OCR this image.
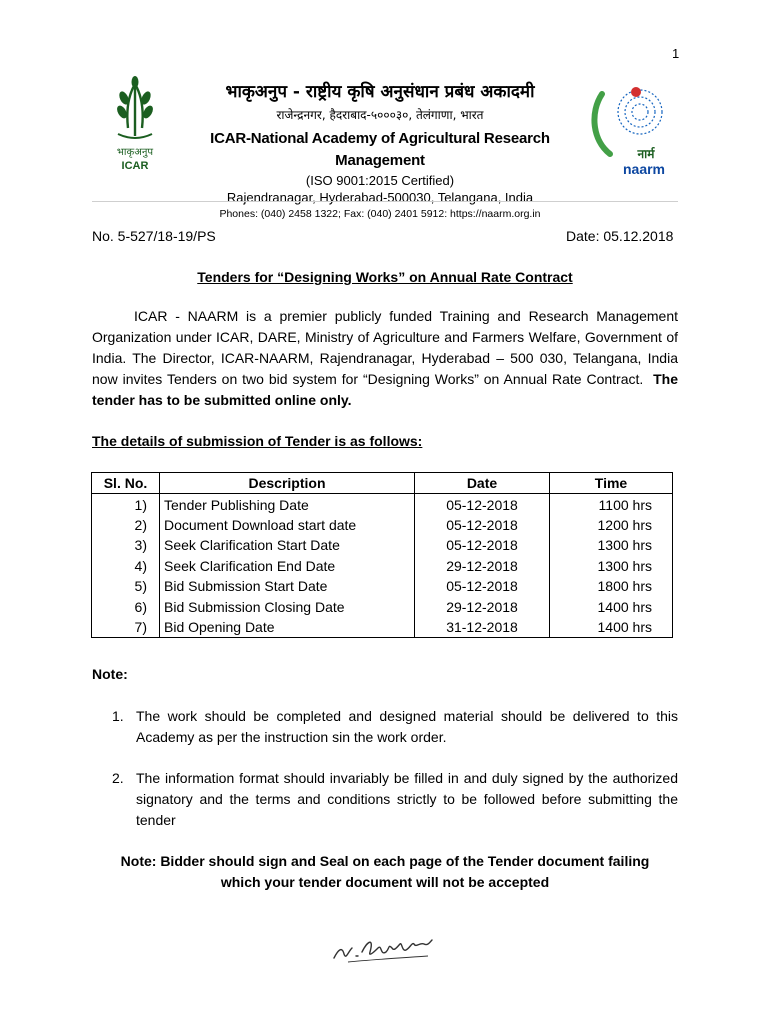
1
भाकृअनुप
ICAR
भाकृअनुप - राष्ट्रीय कृषि अनुसंधान प्रबंध अकादमी
राजेन्द्रनगर, हैदराबाद-५०००३०, तेलंगाणा, भारत
ICAR-National Academy of Agricultural Research Management
(ISO 9001:2015 Certified)
Rajendranagar, Hyderabad-500030, Telangana, India
Phones: (040) 2458 1322; Fax: (040) 2401 5912: https://naarm.org.in
नार्म
naarm
No. 5-527/18-19/PS	Date: 05.12.2018
Tenders for “Designing Works” on Annual Rate Contract
ICAR - NAARM is a premier publicly funded Training and Research Management Organization under ICAR, DARE, Ministry of Agriculture and Farmers Welfare, Government of India. The Director, ICAR-NAARM, Rajendranagar, Hyderabad – 500 030, Telangana, India now invites Tenders on two bid system for “Designing Works” on Annual Rate Contract. The tender has to be submitted online only.
The details of submission of Tender is as follows:
Sl. No.	Description	Date	Time
1)	Tender Publishing Date	05-12-2018	1100 hrs
2)	Document Download start date	05-12-2018	1200 hrs
3)	Seek Clarification Start Date	05-12-2018	1300 hrs
4)	Seek Clarification End Date	29-12-2018	1300 hrs
5)	Bid Submission Start Date	05-12-2018	1800 hrs
6)	Bid Submission Closing Date	29-12-2018	1400 hrs
7)	Bid Opening Date	31-12-2018	1400 hrs
Note:
1. The work should be completed and designed material should be delivered to this Academy as per the instruction sin the work order.
2. The information format should invariably be filled in and duly signed by the authorized signatory and the terms and conditions strictly to be followed before submitting the tender
Note: Bidder should sign and Seal on each page of the Tender document failing
which your tender document will not be accepted
